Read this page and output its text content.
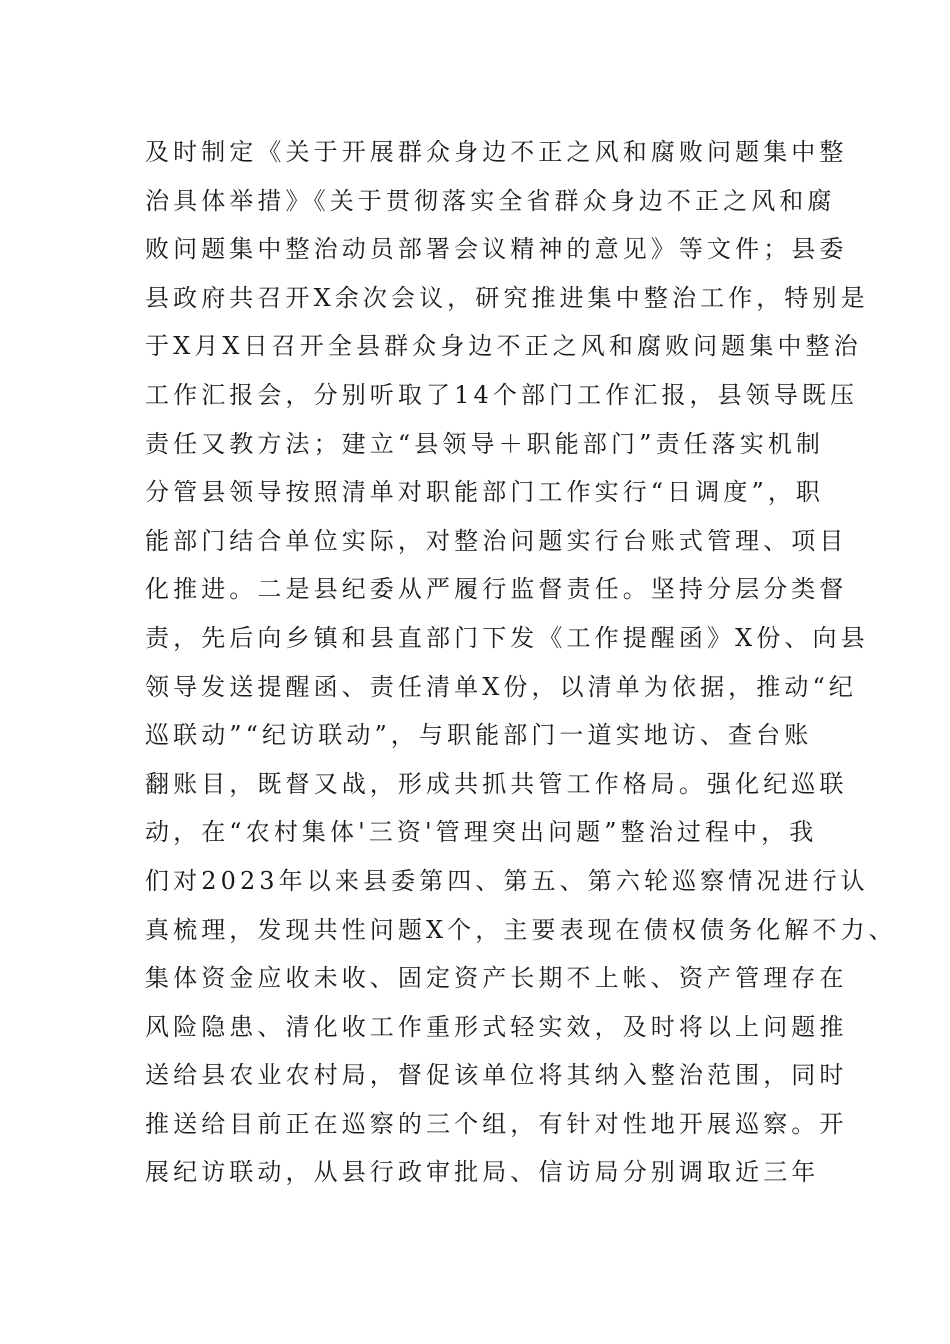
及时制定《关于开展群众身边不正之风和腐败问题集中整
治具体举措》《关于贯彻落实全省群众身边不正之风和腐
败问题集中整治动员部署会议精神的意见》等文件；县委
县政府共召开X余次会议，研究推进集中整治工作，特别是
于X月X日召开全县群众身边不正之风和腐败问题集中整治
工作汇报会，分别听取了14个部门工作汇报，县领导既压
责任又教方法；建立“县领导＋职能部门”责任落实机制
分管县领导按照清单对职能部门工作实行“日调度”，职
能部门结合单位实际，对整治问题实行台账式管理、项目
化推进。二是县纪委从严履行监督责任。坚持分层分类督
责，先后向乡镇和县直部门下发《工作提醒函》X份、向县
领导发送提醒函、责任清单X份，以清单为依据，推动“纪
巡联动”“纪访联动”，与职能部门一道实地访、查台账
翻账目，既督又战，形成共抓共管工作格局。强化纪巡联
动，在“农村集体'三资'管理突出问题”整治过程中，我
们对2023年以来县委第四、第五、第六轮巡察情况进行认
真梳理，发现共性问题X个，主要表现在债权债务化解不力、
集体资金应收未收、固定资产长期不上帐、资产管理存在
风险隐患、清化收工作重形式轻实效，及时将以上问题推
送给县农业农村局，督促该单位将其纳入整治范围，同时
推送给目前正在巡察的三个组，有针对性地开展巡察。开
展纪访联动，从县行政审批局、信访局分别调取近三年
